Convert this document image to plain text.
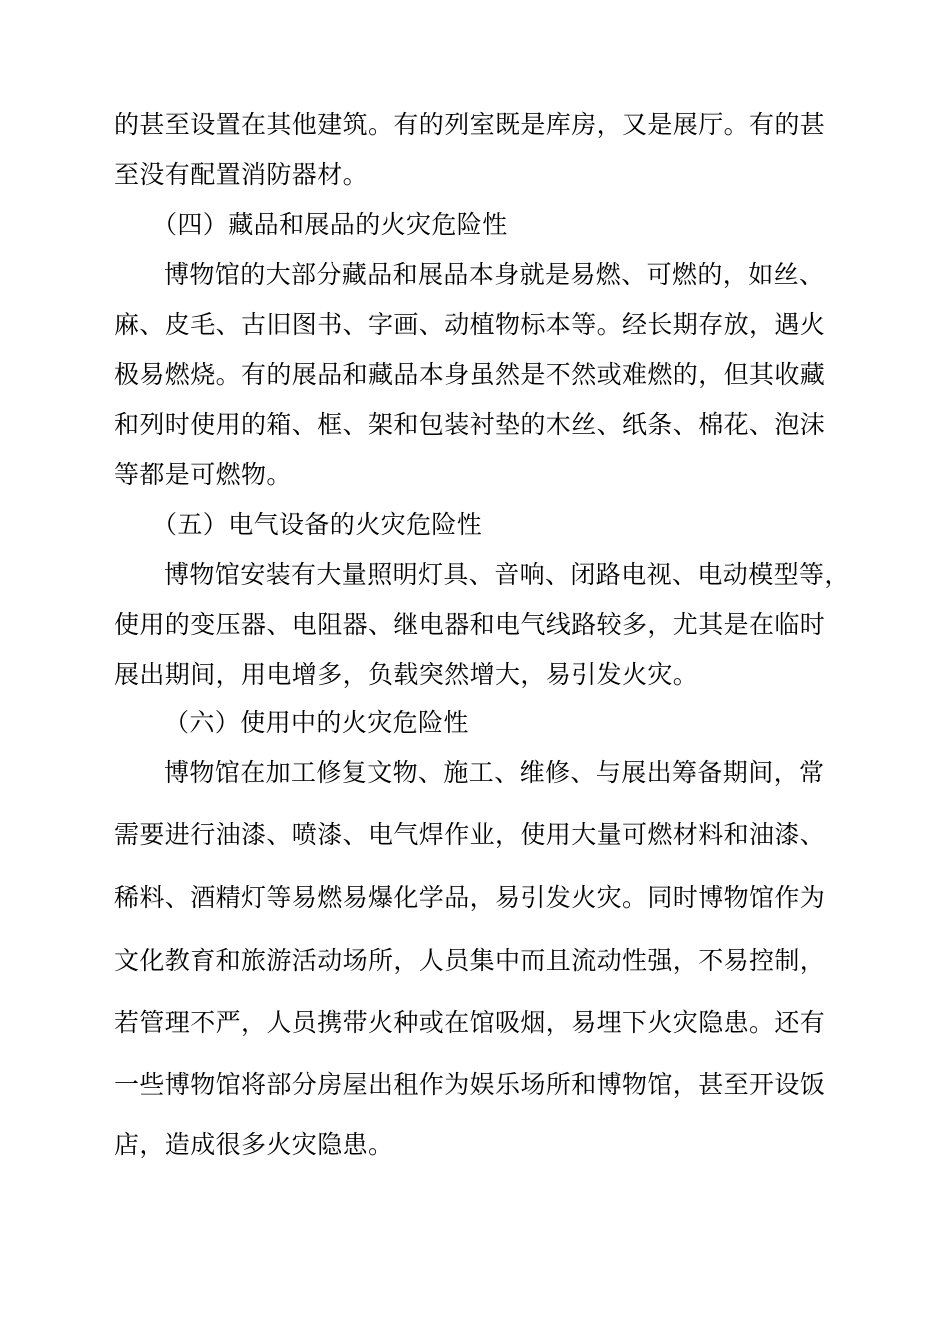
的甚至设置在其他建筑。有的列室既是库房，又是展厅。有的甚
至没有配置消防器材。
（四）藏品和展品的火灾危险性
博物馆的大部分藏品和展品本身就是易燃、可燃的，如丝、
麻、皮毛、古旧图书、字画、动植物标本等。经长期存放，遇火
极易燃烧。有的展品和藏品本身虽然是不然或难燃的，但其收藏
和列时使用的箱、框、架和包装衬垫的木丝、纸条、棉花、泡沫
等都是可燃物。
（五）电气设备的火灾危险性
博物馆安装有大量照明灯具、音响、闭路电视、电动模型等，
使用的变压器、电阻器、继电器和电气线路较多，尤其是在临时
展出期间，用电增多，负载突然增大，易引发火灾。
（六）使用中的火灾危险性
博物馆在加工修复文物、施工、维修、与展出筹备期间，常
需要进行油漆、喷漆、电气焊作业，使用大量可燃材料和油漆、
稀料、酒精灯等易燃易爆化学品，易引发火灾。同时博物馆作为
文化教育和旅游活动场所，人员集中而且流动性强，不易控制，
若管理不严，人员携带火种或在馆吸烟，易埋下火灾隐患。还有
一些博物馆将部分房屋出租作为娱乐场所和博物馆，甚至开设饭
店，造成很多火灾隐患。
